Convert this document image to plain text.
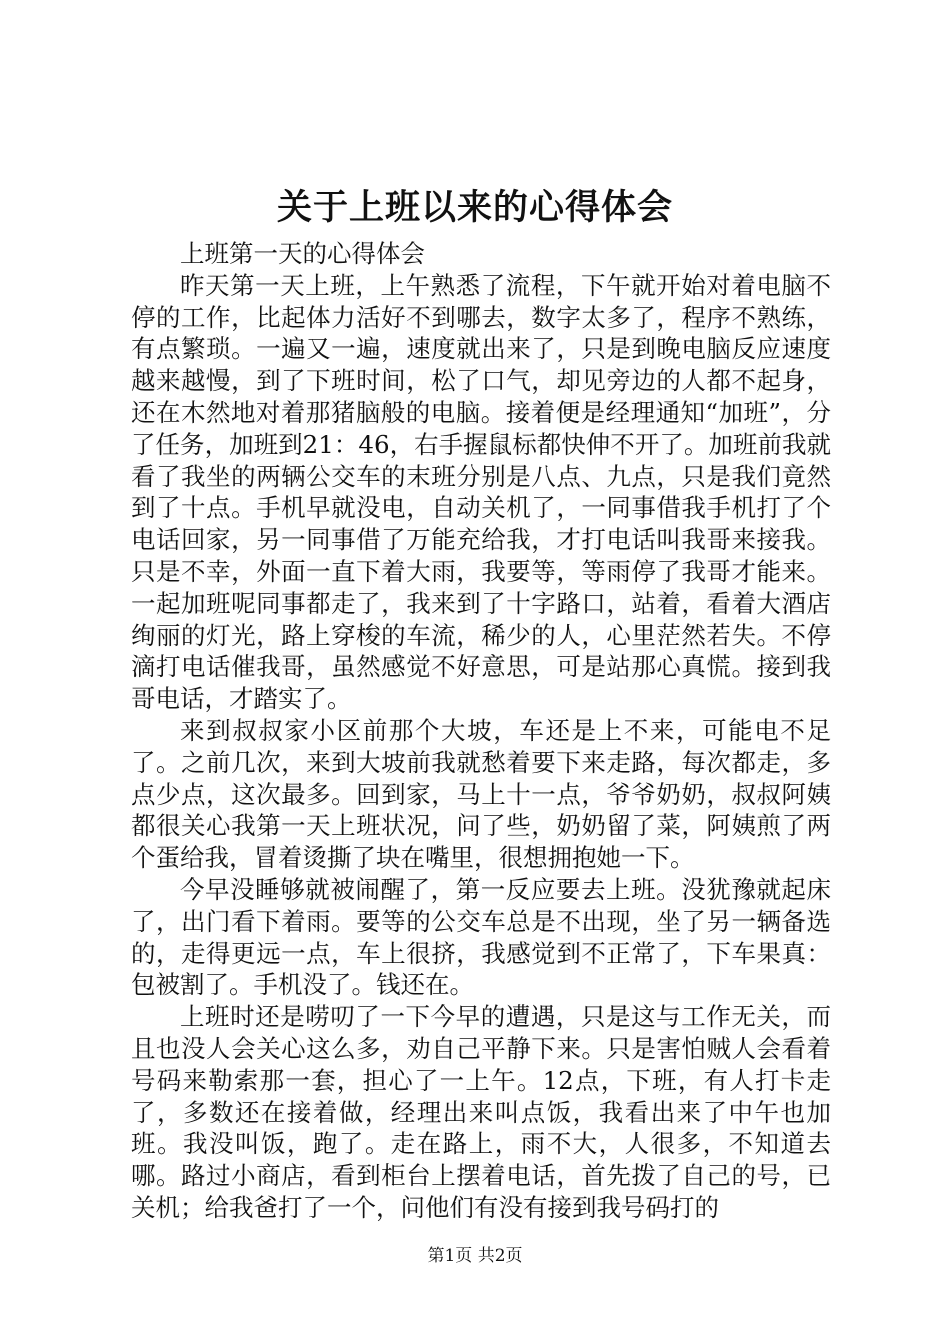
关于上班以来的心得体会

上班第一天的心得体会

昨天第一天上班，上午熟悉了流程，下午就开始对着电脑不停的工作，比起体力活好不到哪去，数字太多了，程序不熟练，有点繁琐。一遍又一遍，速度就出来了，只是到晚电脑反应速度越来越慢，到了下班时间，松了口气，却见旁边的人都不起身，还在木然地对着那猪脑般的电脑。接着便是经理通知“加班”，分了任务，加班到21：46，右手握鼠标都快伸不开了。加班前我就看了我坐的两辆公交车的末班分别是八点、九点，只是我们竟然到了十点。手机早就没电，自动关机了，一同事借我手机打了个电话回家，另一同事借了万能充给我，才打电话叫我哥来接我。只是不幸，外面一直下着大雨，我要等，等雨停了我哥才能来。一起加班呢同事都走了，我来到了十字路口，站着，看着大酒店绚丽的灯光，路上穿梭的车流，稀少的人，心里茫然若失。不停滴打电话催我哥，虽然感觉不好意思，可是站那心真慌。接到我哥电话，才踏实了。

来到叔叔家小区前那个大坡，车还是上不来，可能电不足了。之前几次，来到大坡前我就愁着要下来走路，每次都走，多点少点，这次最多。回到家，马上十一点，爷爷奶奶，叔叔阿姨都很关心我第一天上班状况，问了些，奶奶留了菜，阿姨煎了两个蛋给我，冒着烫撕了块在嘴里，很想拥抱她一下。

今早没睡够就被闹醒了，第一反应要去上班。没犹豫就起床了，出门看下着雨。要等的公交车总是不出现，坐了另一辆备选的，走得更远一点，车上很挤，我感觉到不正常了，下车果真：包被割了。手机没了。钱还在。

上班时还是唠叨了一下今早的遭遇，只是这与工作无关，而且也没人会关心这么多，劝自己平静下来。只是害怕贼人会看着号码来勒索那一套，担心了一上午。12点，下班，有人打卡走了，多数还在接着做，经理出来叫点饭，我看出来了中午也加班。我没叫饭，跑了。走在路上，雨不大，人很多，不知道去哪。路过小商店，看到柜台上摆着电话，首先拨了自己的号，已关机；给我爸打了一个，问他们有没有接到我号码打的

第1页 共2页
